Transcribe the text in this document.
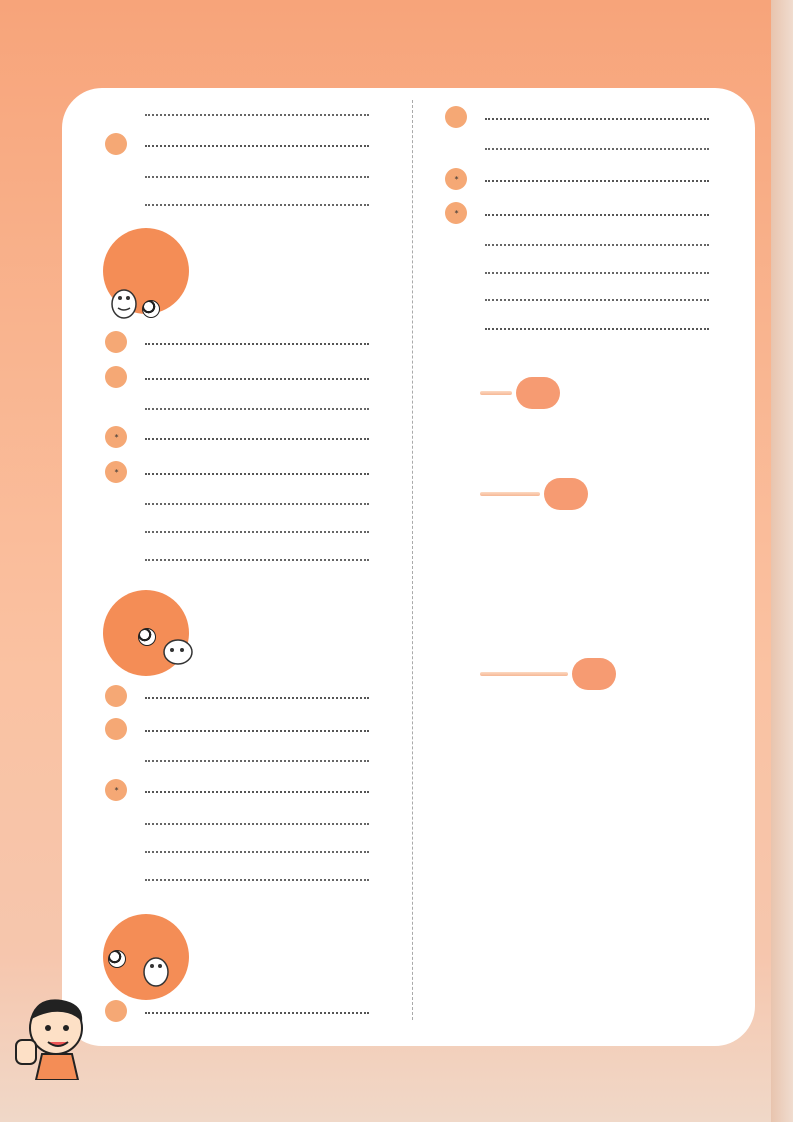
*
*
*
*
*
